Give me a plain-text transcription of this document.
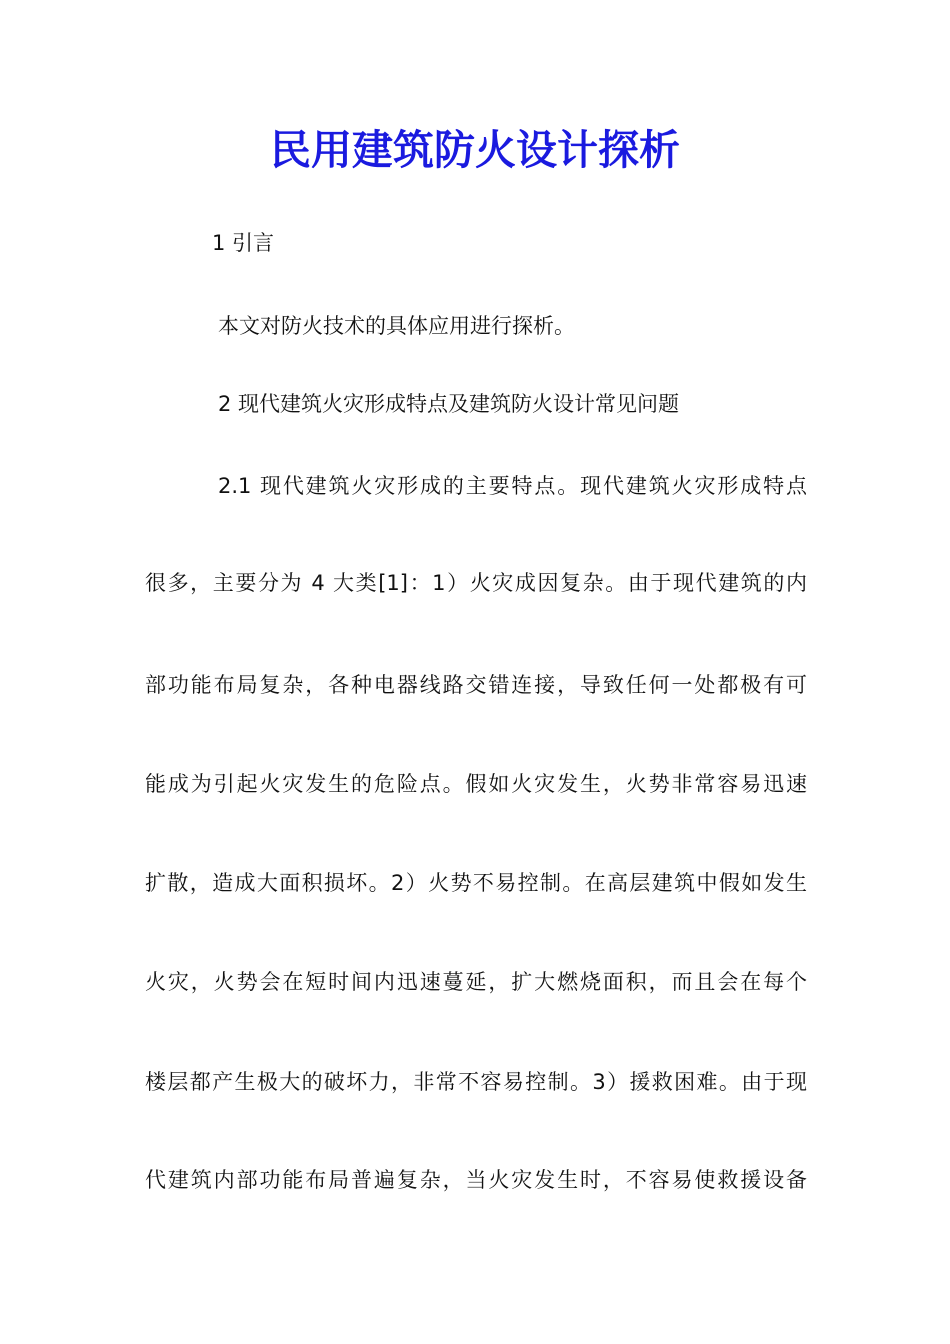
民用建筑防火设计探析

1 引言

本文对防火技术的具体应用进行探析。

2 现代建筑火灾形成特点及建筑防火设计常见问题

2.1 现代建筑火灾形成的主要特点。现代建筑火灾形成特点

很多，主要分为 4 大类[1]：1）火灾成因复杂。由于现代建筑的内

部功能布局复杂，各种电器线路交错连接，导致任何一处都极有可

能成为引起火灾发生的危险点。假如火灾发生，火势非常容易迅速

扩散，造成大面积损坏。2）火势不易控制。在高层建筑中假如发生

火灾，火势会在短时间内迅速蔓延，扩大燃烧面积，而且会在每个

楼层都产生极大的破坏力，非常不容易控制。3）援救困难。由于现

代建筑内部功能布局普遍复杂，当火灾发生时，不容易使救援设备
